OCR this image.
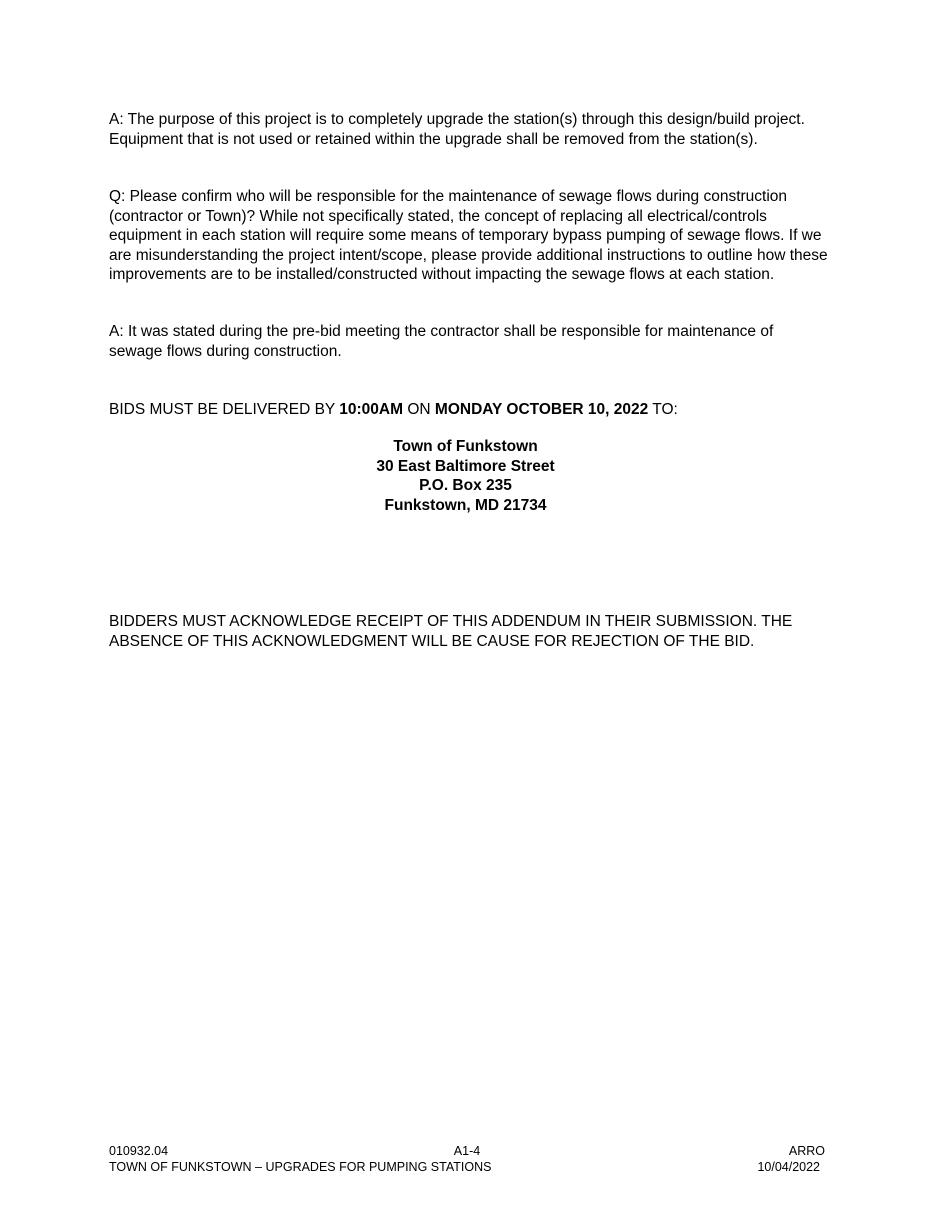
A: The purpose of this project is to completely upgrade the station(s) through this design/build project. Equipment that is not used or retained within the upgrade shall be removed from the station(s).

Q: Please confirm who will be responsible for the maintenance of sewage flows during construction (contractor or Town)? While not specifically stated, the concept of replacing all electrical/controls equipment in each station will require some means of temporary bypass pumping of sewage flows. If we are misunderstanding the project intent/scope, please provide additional instructions to outline how these improvements are to be installed/constructed without impacting the sewage flows at each station.

A: It was stated during the pre-bid meeting the contractor shall be responsible for maintenance of sewage flows during construction.

BIDS MUST BE DELIVERED BY 10:00AM ON MONDAY OCTOBER 10, 2022 TO:

Town of Funkstown
30 East Baltimore Street
P.O. Box 235
Funkstown, MD 21734

BIDDERS MUST ACKNOWLEDGE RECEIPT OF THIS ADDENDUM IN THEIR SUBMISSION. THE ABSENCE OF THIS ACKNOWLEDGMENT WILL BE CAUSE FOR REJECTION OF THE BID.

010932.04	A1-4	ARRO
TOWN OF FUNKSTOWN – UPGRADES FOR PUMPING STATIONS	10/04/2022
